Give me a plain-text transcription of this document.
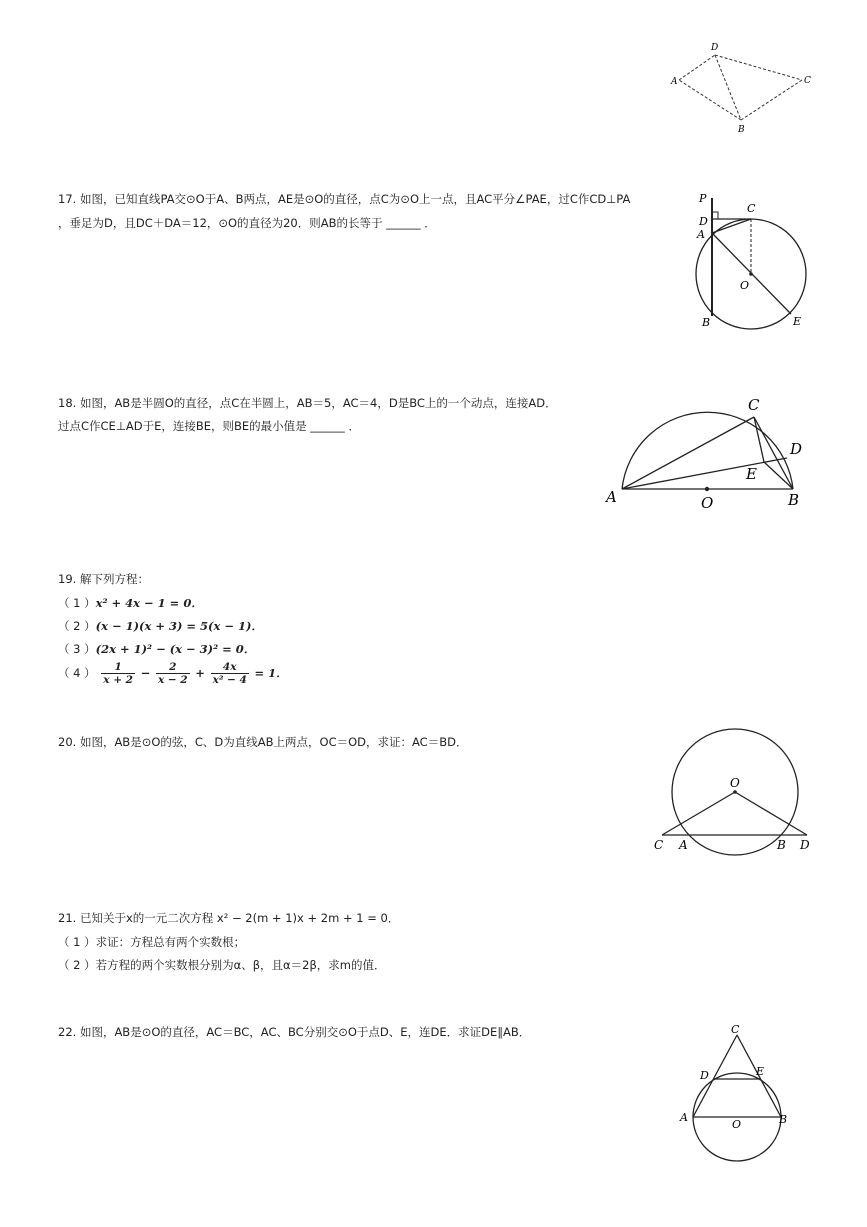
A
D
C
B
17. 如图，已知直线PA交⊙O于A、B两点，AE是⊙O的直径，点C为⊙O上一点，且AC平分∠PAE，过C作CD⊥PA
，垂足为D，且DC＋DA＝12，⊙O的直径为20．则AB的长等于 ______ ．
P
D
A
C
O
B	E
18. 如图，AB是半圆O的直径，点C在半圆上，AB＝5，AC＝4，D是BC上的一个动点，连接AD．
过点C作CE⊥AD于E，连接BE，则BE的最小值是 ______ ．
A	O	B
C
D
E
19. 解下列方程：
（ 1 ）x² + 4x − 1 = 0．
（ 2 ）(x − 1)(x + 3) = 5(x − 1)．
（ 3 ）(2x + 1)² − (x − 3)² = 0．
（ 4 ） $\frac{1}{x + 2} - \frac{2}{x - 2} + \frac{4x}{\text{x² − 4}} = 1$．
20. 如图，AB是⊙O的弦，C、D为直线AB上两点，OC＝OD，求证：AC＝BD．
O
C A	B D
21. 已知关于x的一元二次方程 x² − 2(m + 1)x + 2m + 1 = 0．
（ 1 ）求证：方程总有两个实数根；
（ 2 ）若方程的两个实数根分别为α、β，且α＝2β，求m的值．
22. 如图，AB是⊙O的直径，AC＝BC，AC、BC分别交⊙O于点D、E，连DE．求证DE∥AB．	C
D	E
A
O	B
